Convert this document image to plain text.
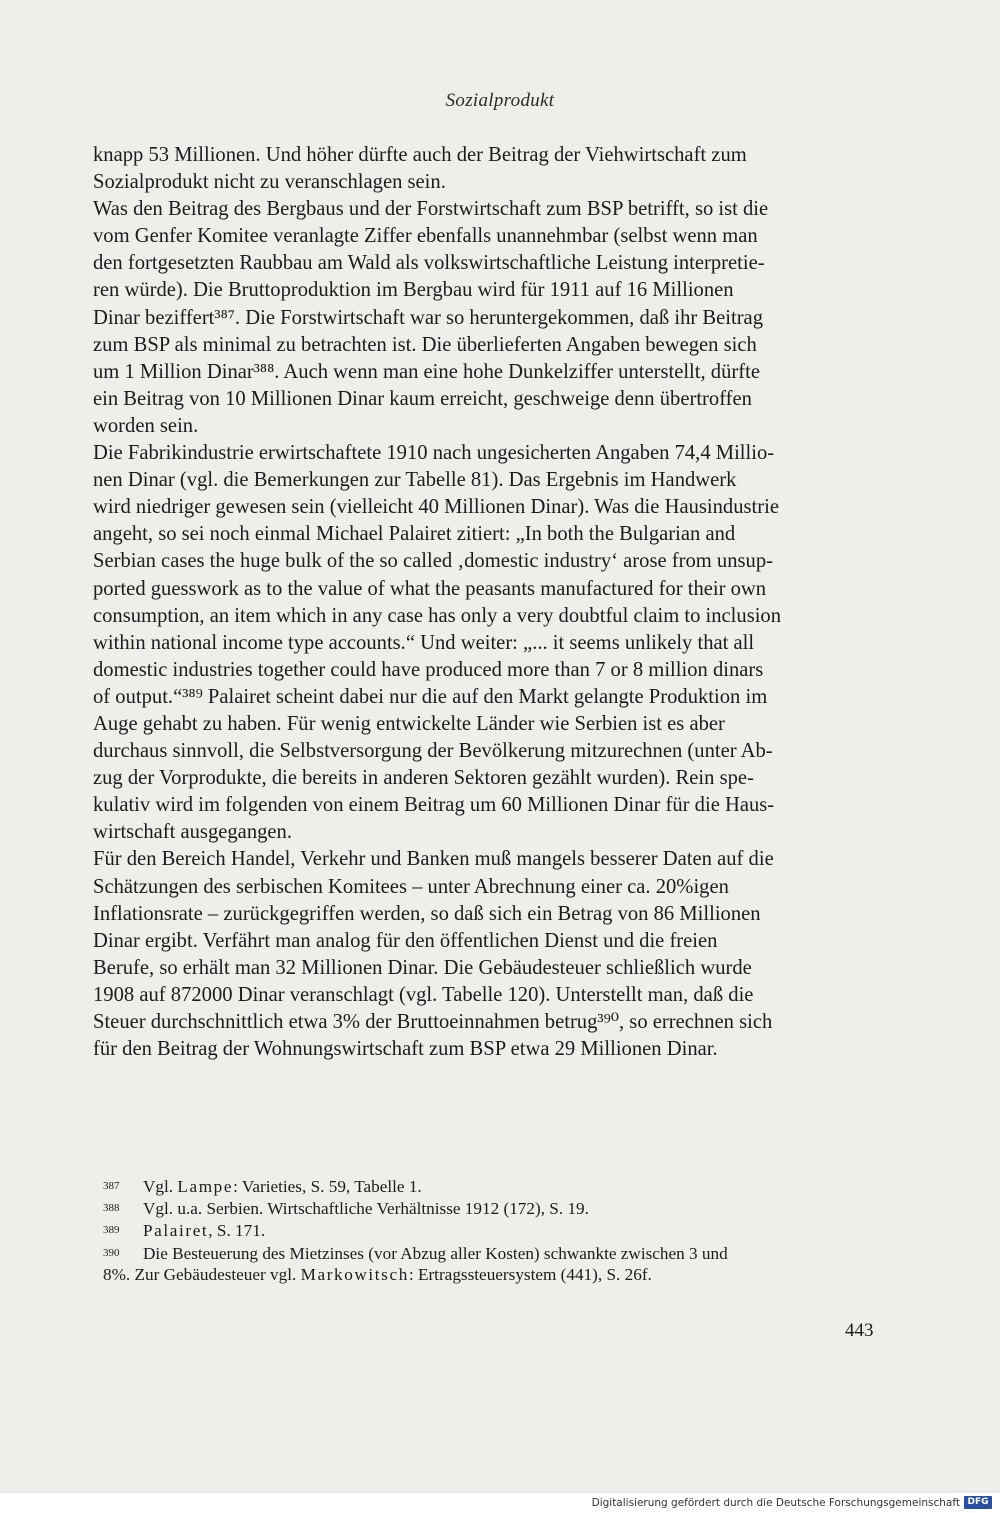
Sozialprodukt
knapp 53 Millionen. Und höher dürfte auch der Beitrag der Viehwirtschaft zum
Sozialprodukt nicht zu veranschlagen sein.
Was den Beitrag des Bergbaus und der Forstwirtschaft zum BSP betrifft, so ist die
vom Genfer Komitee veranlagte Ziffer ebenfalls unannehmbar (selbst wenn man
den fortgesetzten Raubbau am Wald als volkswirtschaftliche Leistung interpretie-
ren würde). Die Bruttoproduktion im Bergbau wird für 1911 auf 16 Millionen
Dinar beziffert³⁸⁷. Die Forstwirtschaft war so heruntergekommen, daß ihr Beitrag
zum BSP als minimal zu betrachten ist. Die überlieferten Angaben bewegen sich
um 1 Million Dinar³⁸⁸. Auch wenn man eine hohe Dunkelziffer unterstellt, dürfte
ein Beitrag von 10 Millionen Dinar kaum erreicht, geschweige denn übertroffen
worden sein.
Die Fabrikindustrie erwirtschaftete 1910 nach ungesicherten Angaben 74,4 Millio-
nen Dinar (vgl. die Bemerkungen zur Tabelle 81). Das Ergebnis im Handwerk
wird niedriger gewesen sein (vielleicht 40 Millionen Dinar). Was die Hausindustrie
angeht, so sei noch einmal Michael Palairet zitiert: „In both the Bulgarian and
Serbian cases the huge bulk of the so called ‚domestic industry‘ arose from unsup-
ported guesswork as to the value of what the peasants manufactured for their own
consumption, an item which in any case has only a very doubtful claim to inclusion
within national income type accounts.“ Und weiter: „... it seems unlikely that all
domestic industries together could have produced more than 7 or 8 million dinars
of output.“³⁸⁹ Palairet scheint dabei nur die auf den Markt gelangte Produktion im
Auge gehabt zu haben. Für wenig entwickelte Länder wie Serbien ist es aber
durchaus sinnvoll, die Selbstversorgung der Bevölkerung mitzurechnen (unter Ab-
zug der Vorprodukte, die bereits in anderen Sektoren gezählt wurden). Rein spe-
kulativ wird im folgenden von einem Beitrag um 60 Millionen Dinar für die Haus-
wirtschaft ausgegangen.
Für den Bereich Handel, Verkehr und Banken muß mangels besserer Daten auf die
Schätzungen des serbischen Komitees – unter Abrechnung einer ca. 20%igen
Inflationsrate – zurückgegriffen werden, so daß sich ein Betrag von 86 Millionen
Dinar ergibt. Verfährt man analog für den öffentlichen Dienst und die freien
Berufe, so erhält man 32 Millionen Dinar. Die Gebäudesteuer schließlich wurde
1908 auf 872000 Dinar veranschlagt (vgl. Tabelle 120). Unterstellt man, daß die
Steuer durchschnittlich etwa 3% der Bruttoeinnahmen betrug³⁹⁰, so errechnen sich
für den Beitrag der Wohnungswirtschaft zum BSP etwa 29 Millionen Dinar.
387 Vgl. Lampe: Varieties, S. 59, Tabelle 1.
388 Vgl. u.a. Serbien. Wirtschaftliche Verhältnisse 1912 (172), S. 19.
389 Palairet, S. 171.
390 Die Besteuerung des Mietzinses (vor Abzug aller Kosten) schwankte zwischen 3 und
8%. Zur Gebäudesteuer vgl. Markowitsch: Ertragssteuersystem (441), S. 26f.
443
Digitalisierung gefördert durch die Deutsche Forschungsgemeinschaft DFG
